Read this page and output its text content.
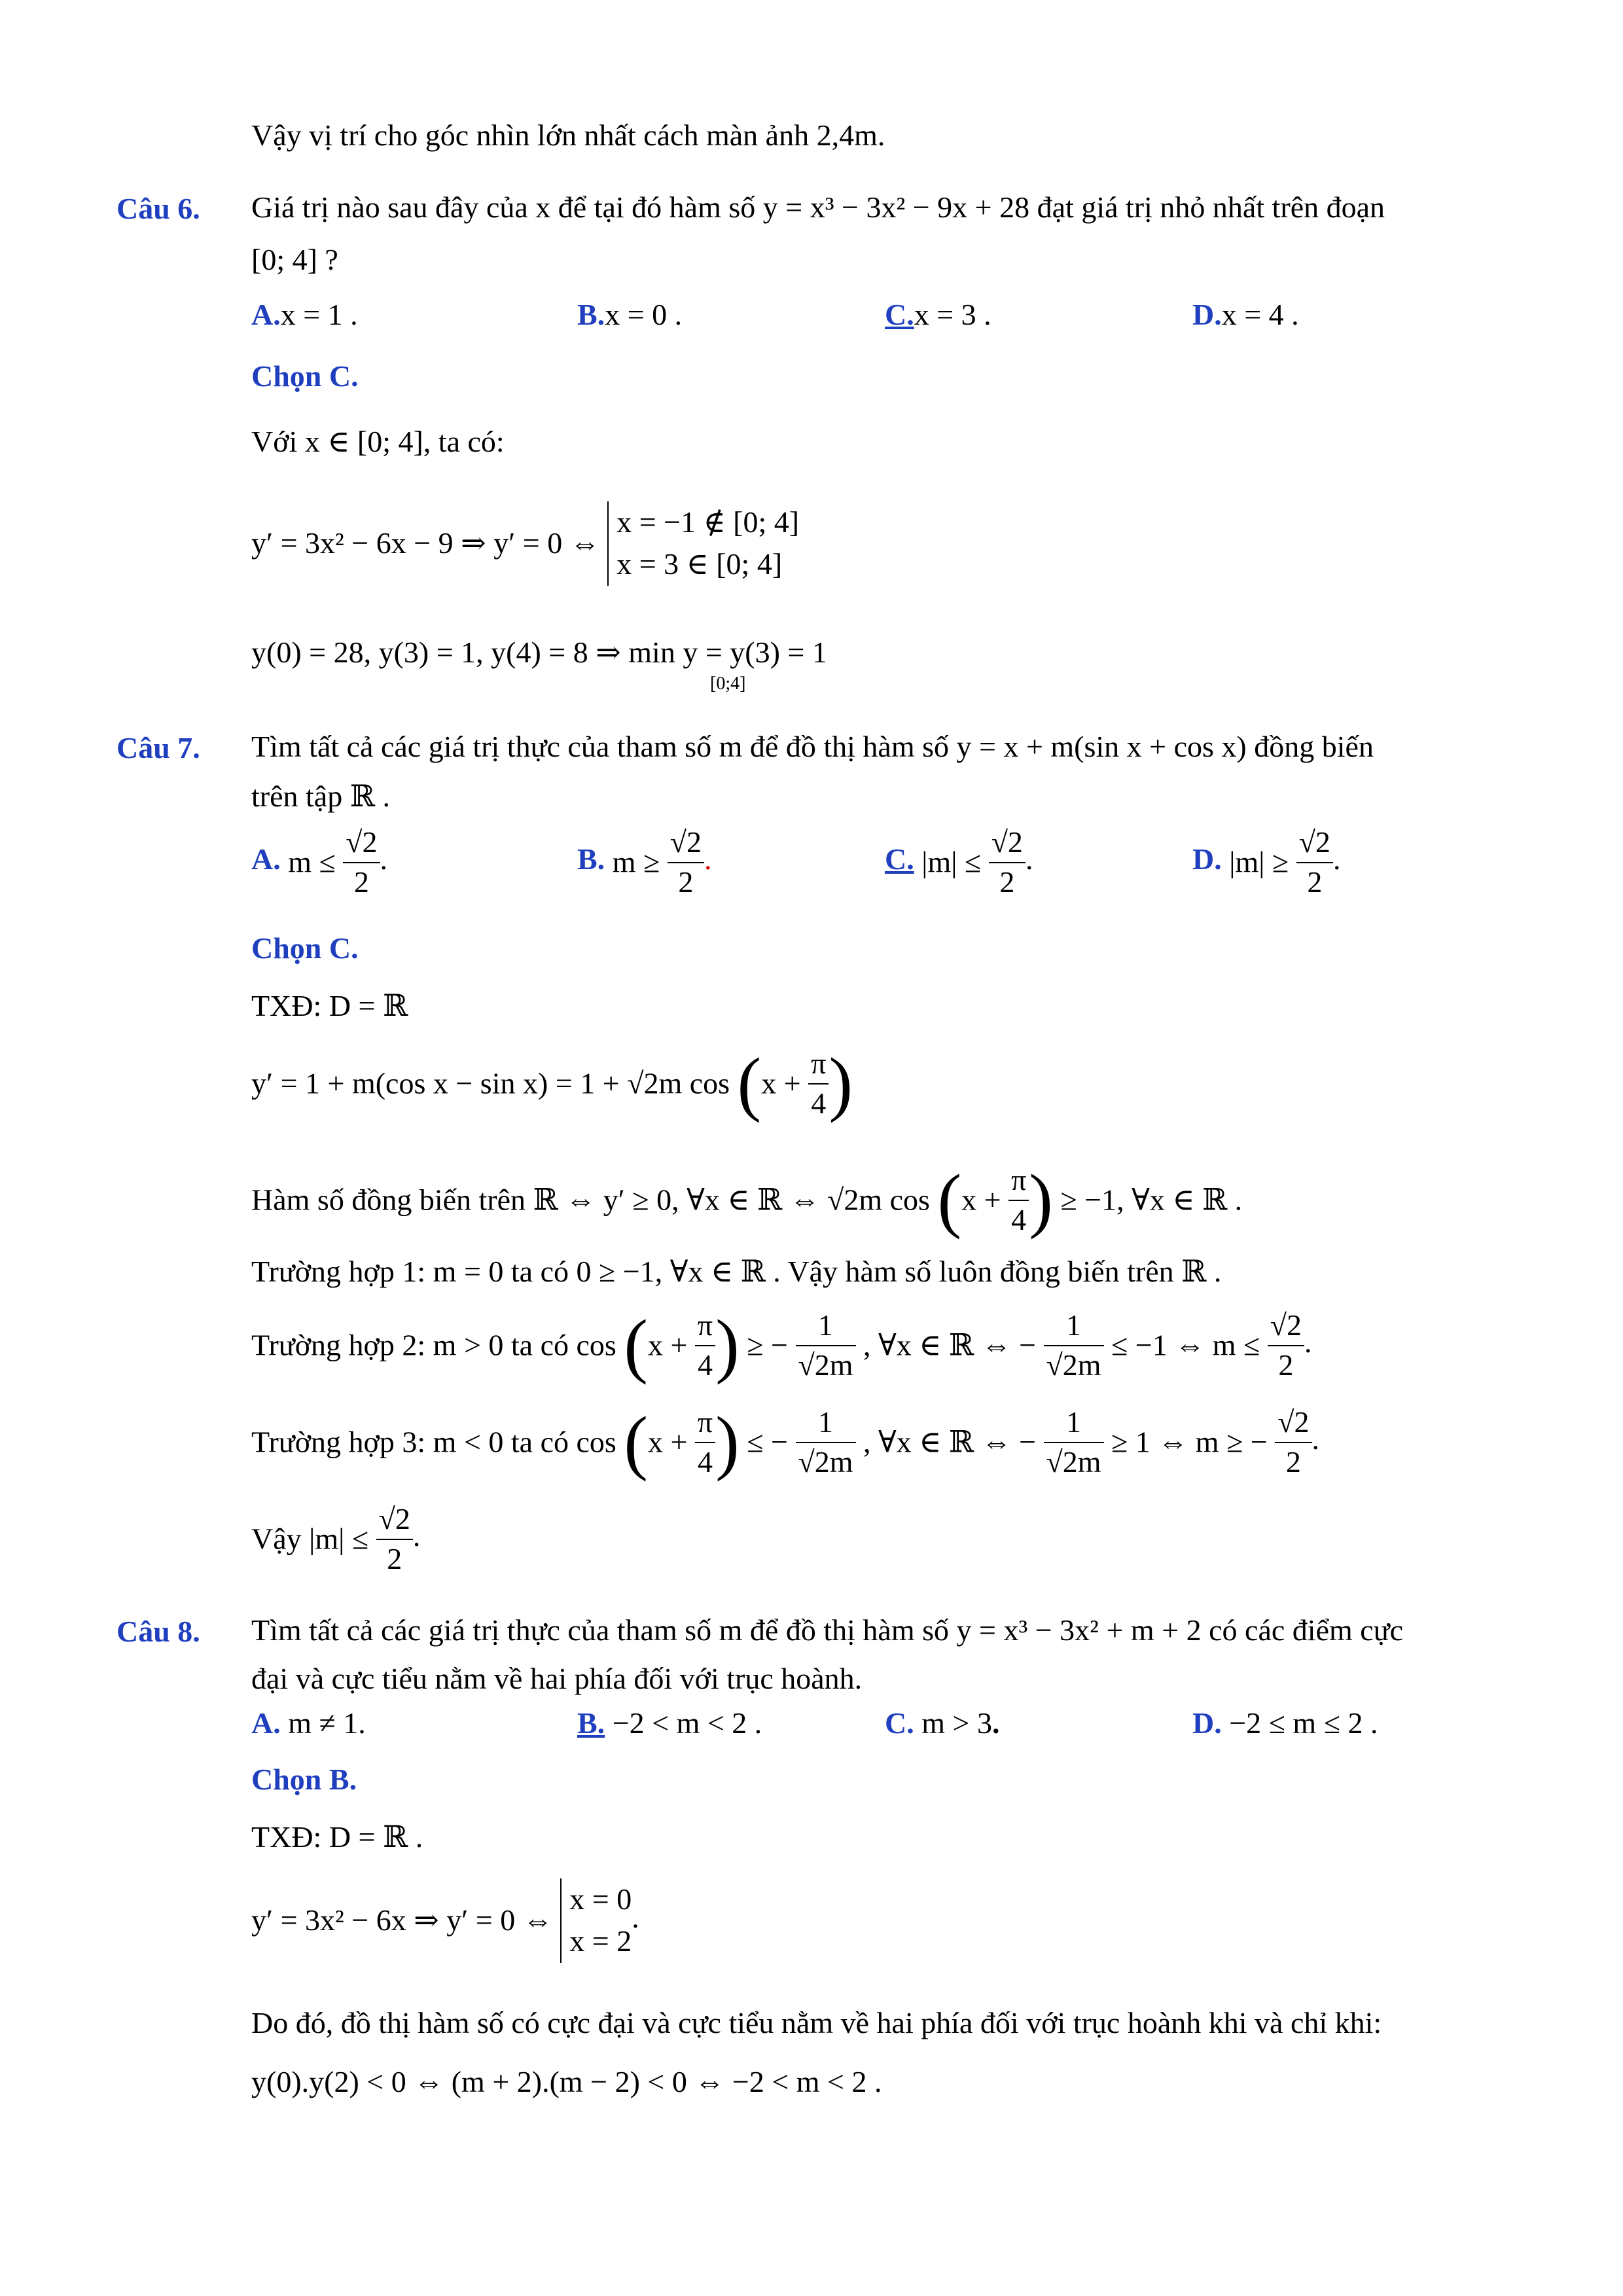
Vậy vị trí cho góc nhìn lớn nhất cách màn ảnh 2,4m.
Câu 6. Giá trị nào sau đây của x để tại đó hàm số y = x³ − 3x² − 9x + 28 đạt giá trị nhỏ nhất trên đoạn
[0; 4] ?
A.x = 1 .	B.x = 0 .	C.x = 3 .	D.x = 4 .
Chọn C.
Với x ∈ [0; 4], ta có:
y′ = 3x² − 6x − 9 ⇒ y′ = 0 ⇔
x = −1 ∉ [0; 4]
x = 3 ∈ [0; 4]
y(0) = 28, y(3) = 1, y(4) = 8 ⇒ min y = y(3) = 1
[0;4]
Câu 7. Tìm tất cả các giá trị thực của tham số m để đồ thị hàm số y = x + m(sin x + cos x) đồng biến
trên tập ℝ .
A. $m \le \frac{√2}{2}$ .	B. $m \ge \frac{√2}{2}$ .	C. $|m| \le \frac{√2}{2}$ .	D. $|m| \ge \frac{√2}{2}$ .
Chọn C.
TXĐ: D = ℝ
y′ = 1 + m(cos x − sin x) = 1 + √2m $\cos (x + \frac{\pi}{4}$ )
Hàm số đồng biến trên ℝ ⇔ y′ ≥ 0, ∀x ∈ ℝ ⇔ √2m $\cos (x + \frac{\pi}{4}$ ) ≥ −1, ∀x ∈ ℝ .
Trường hợp 1: m = 0 ta có 0 ≥ −1, ∀x ∈ ℝ . Vậy hàm số luôn đồng biến trên ℝ .
Trường hợp 2: m > 0 ta có $\cos (x + \frac{\pi}{4}$ ) ≥ − $\frac{1}{√2m}$ , ∀x ∈ ℝ ⇔ − $\frac{1}{√2m} \le -1$ ⇔ $m \le \frac{√2}{2}$ .
Trường hợp 3: m < 0 ta có $\cos (x + \frac{\pi}{4}$ ) ≤ − $\frac{1}{√2m}$ , ∀x ∈ ℝ ⇔ − $\frac{1}{√2m} \ge 1$ ⇔ m ≥ − $\frac{√2}{2}$ .
Vậy $|m| \le \frac{√2}{2}$ .
Câu 8. Tìm tất cả các giá trị thực của tham số m để đồ thị hàm số y = x³ − 3x² + m + 2 có các điểm cực
đại và cực tiểu nằm về hai phía đối với trục hoành.
A. m ≠ 1.	B. −2 < m < 2 .	C. m > 3.	D. −2 ≤ m ≤ 2 .
Chọn B.
TXĐ: D = ℝ .
y′ = 3x² − 6x ⇒ y′ = 0 ⇔
x = 0
x = 2
.
Do đó, đồ thị hàm số có cực đại và cực tiểu nằm về hai phía đối với trục hoành khi và chỉ khi:
y(0).y(2) < 0 ⇔ (m + 2).(m − 2) < 0 ⇔ −2 < m < 2 .
